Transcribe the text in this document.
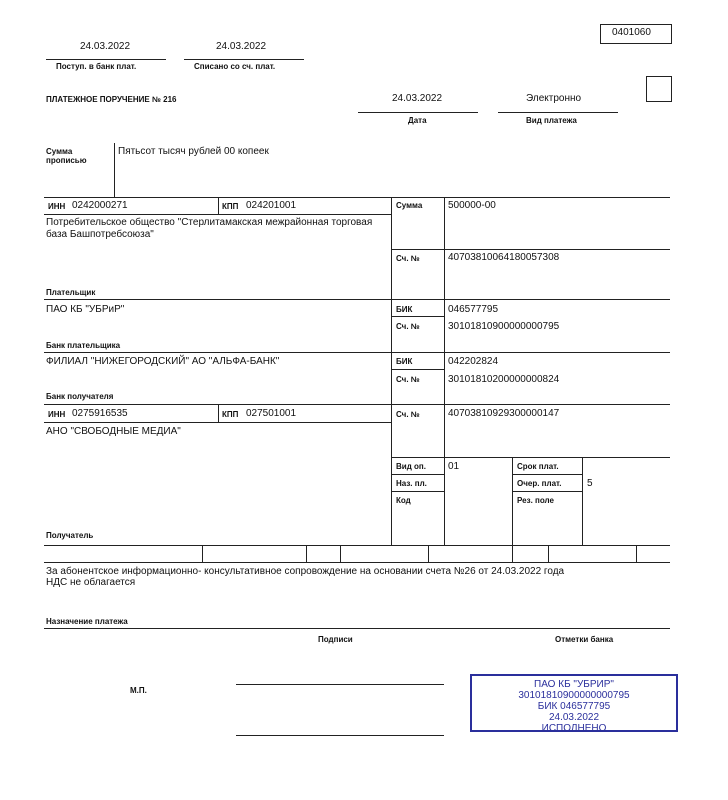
0401060
24.03.2022	24.03.2022
Поступ. в банк плат.	Списано со сч. плат.
ПЛАТЕЖНОЕ ПОРУЧЕНИЕ № 216	24.03.2022	Электронно
Дата	Вид платежа
Сумма прописью
Пятьсот тысяч рублей 00 копеек
ИНН 0242000271	КПП 024201001
Потребительское общество "Стерлитамакская межрайонная торговая база Башпотребсоюза"
Плательщик
Сумма	500000-00
Сч. №	40703810064180057308
ПАО КБ "УБРиР"	БИК	046577795
Сч. №	30101810900000000795
Банк плательщика
ФИЛИАЛ "НИЖЕГОРОДСКИЙ" АО "АЛЬФА-БАНК"	БИК	042202824
Сч. №	30101810200000000824
Банк получателя
ИНН 0275916535	КПП 027501001	Сч. №	40703810929300000147
АНО "СВОБОДНЫЕ МЕДИА"
Получатель
Вид оп. 01	Срок плат.
Наз. пл.	Очер. плат.	5
Код	Рез. поле
За абонентское информационно- консультативное сопровождение на основании счета №26 от 24.03.2022 года
НДС не облагается
Назначение платежа
Подписи	Отметки банка
М.П.
ПАО КБ "УБРИР"
30101810900000000795
БИК 046577795
24.03.2022
ИСПОЛНЕНО
